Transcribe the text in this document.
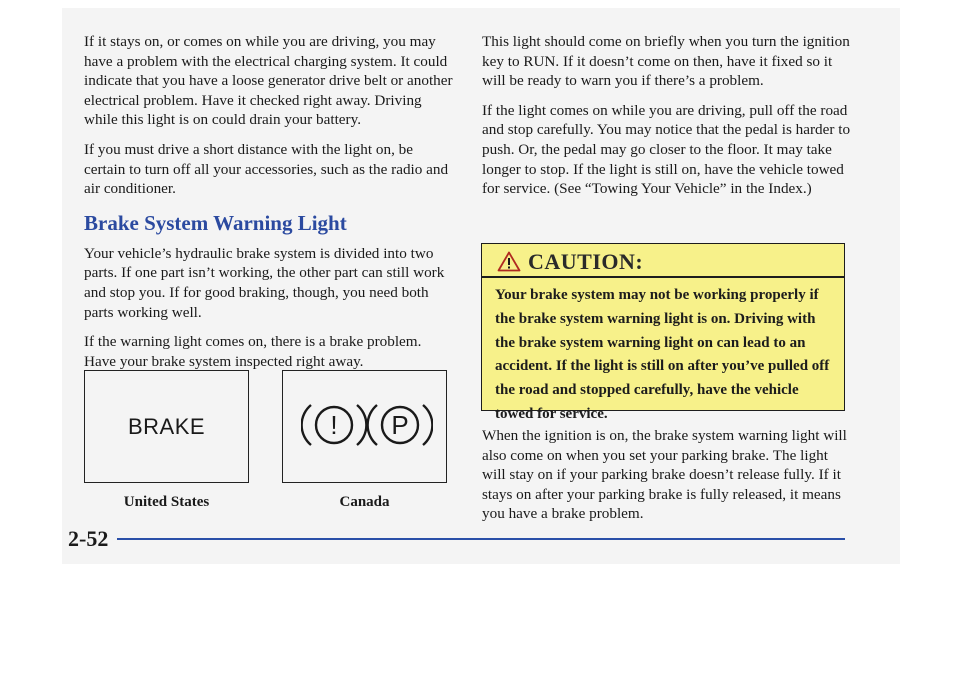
If it stays on, or comes on while you are driving, you may have a problem with the electrical charging system. It could indicate that you have a loose generator drive belt or another electrical problem. Have it checked right away. Driving while this light is on could drain your battery.

If you must drive a short distance with the light on, be certain to turn off all your accessories, such as the radio and air conditioner.

Brake System Warning Light

Your vehicle’s hydraulic brake system is divided into two parts. If one part isn’t working, the other part can still work and stop you. If for good braking, though, you need both parts working well.

If the warning light comes on, there is a brake problem. Have your brake system inspected right away.

BRAKE	! P
United States	Canada

This light should come on briefly when you turn the ignition key to RUN. If it doesn’t come on then, have it fixed so it will be ready to warn you if there’s a problem.

If the light comes on while you are driving, pull off the road and stop carefully. You may notice that the pedal is harder to push. Or, the pedal may go closer to the floor. It may take longer to stop. If the light is still on, have the vehicle towed for service. (See “Towing Your Vehicle” in the Index.)

CAUTION:
Your brake system may not be working properly if the brake system warning light is on. Driving with the brake system warning light on can lead to an accident. If the light is still on after you’ve pulled off the road and stopped carefully, have the vehicle towed for service.

When the ignition is on, the brake system warning light will also come on when you set your parking brake. The light will stay on if your parking brake doesn’t release fully. If it stays on after your parking brake is fully released, it means you have a brake problem.

2-52
